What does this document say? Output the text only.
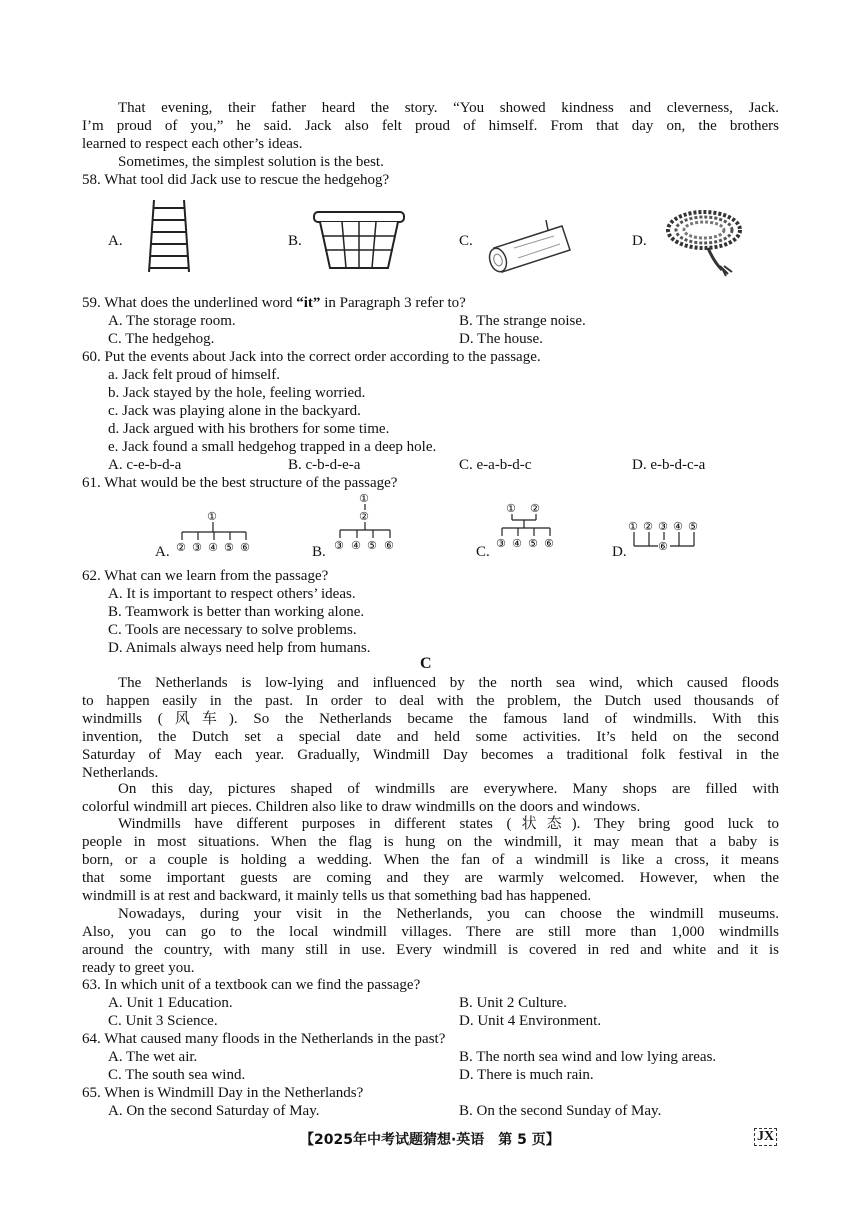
That evening, their father heard the story. “You showed kindness and cleverness, Jack.
I’m proud of you,” he said. Jack also felt proud of himself. From that day on, the brothers
learned to respect each other’s ideas.
Sometimes, the simplest solution is the best.
58. What tool did Jack use to rescue the hedgehog?
A.	B.	C.	D.
59. What does the underlined word “it” in Paragraph 3 refer to?
A. The storage room.	B. The strange noise.
C. The hedgehog.	D. The house.
60. Put the events about Jack into the correct order according to the passage.
a. Jack felt proud of himself.
b. Jack stayed by the hole, feeling worried.
c. Jack was playing alone in the backyard.
d. Jack argued with his brothers for some time.
e. Jack found a small hedgehog trapped in a deep hole.
A. c-e-b-d-a	B. c-b-d-e-a	C. e-a-b-d-c	D. e-b-d-c-a
61. What would be the best structure of the passage?
A.
①
② ③ ④ ⑤ ⑥	B.
①
②
③ ④ ⑤ ⑥	C.
① ②
③ ④ ⑤ ⑥
D.
① ② ③ ④ ⑤
⑥
62. What can we learn from the passage?
A. It is important to respect others’ ideas.
B. Teamwork is better than working alone.
C. Tools are necessary to solve problems.
D. Animals always need help from humans.
C
The Netherlands is low-lying and influenced by the north sea wind, which caused floods
to happen easily in the past. In order to deal with the problem, the Dutch used thousands of
windmills (风车). So the Netherlands became the famous land of windmills. With this
invention, the Dutch set a special date and held some activities. It’s held on the second
Saturday of May each year. Gradually, Windmill Day becomes a traditional folk festival in the
Netherlands.
On this day, pictures shaped of windmills are everywhere. Many shops are filled with
colorful windmill art pieces. Children also like to draw windmills on the doors and windows.
Windmills have different purposes in different states (状态). They bring good luck to
people in most situations. When the flag is hung on the windmill, it may mean that a baby is
born, or a couple is holding a wedding. When the fan of a windmill is like a cross, it means
that some important guests are coming and they are warmly welcomed. However, when the
windmill is at rest and backward, it mainly tells us that something bad has happened.
Nowadays, during your visit in the Netherlands, you can choose the windmill museums.
Also, you can go to the local windmill villages. There are still more than 1,000 windmills
around the country, with many still in use. Every windmill is covered in red and white and it is
ready to greet you.
63. In which unit of a textbook can we find the passage?
A. Unit 1 Education.	B. Unit 2 Culture.
C. Unit 3 Science.	D. Unit 4 Environment.
64. What caused many floods in the Netherlands in the past?
A. The wet air.	B. The north sea wind and low lying areas.
C. The south sea wind.	D. There is much rain.
65. When is Windmill Day in the Netherlands?
A. On the second Saturday of May.	B. On the second Sunday of May.
【2025年中考试题猜想·英语　第 5 页】	JX
